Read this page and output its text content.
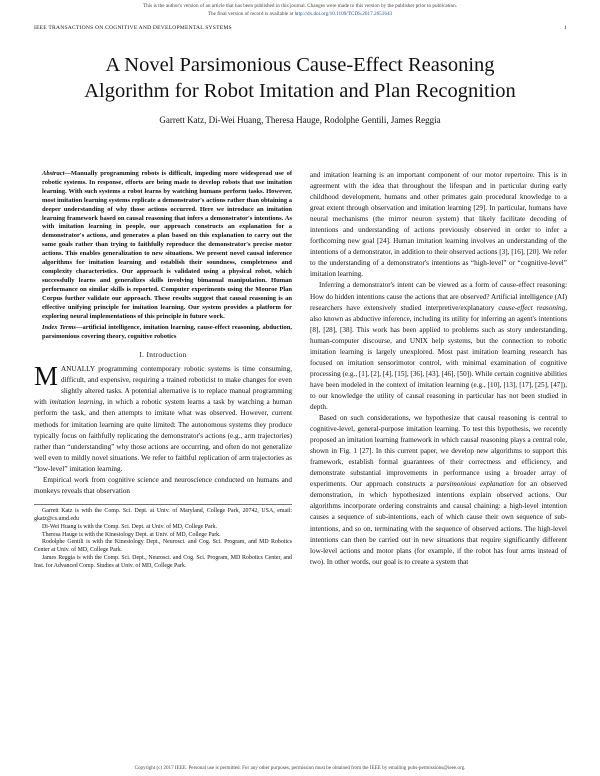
This is the author's version of an article that has been published in this journal. Changes were made to this version by the publisher prior to publication.
The final version of record is available at http://dx.doi.org/10.1109/TCDS.2017.2651643
IEEE TRANSACTIONS ON COGNITIVE AND DEVELOPMENTAL SYSTEMS	1
A Novel Parsimonious Cause-Effect Reasoning
Algorithm for Robot Imitation and Plan Recognition
Garrett Katz, Di-Wei Huang, Theresa Hauge, Rodolphe Gentili, James Reggia

Abstract—Manually programming robots is difficult, impeding more widespread use of robotic systems. In response, efforts are being made to develop robots that use imitation learning. With such systems a robot learns by watching humans perform tasks. However, most imitation learning systems replicate a demonstrator's actions rather than obtaining a deeper understanding of why those actions occurred. Here we introduce an imitation learning framework based on causal reasoning that infers a demonstrator's intentions. As with imitation learning in people, our approach constructs an explanation for a demonstrator's actions, and generates a plan based on this explanation to carry out the same goals rather than trying to faithfully reproduce the demonstrator's precise motor actions. This enables generalization to new situations. We present novel causal inference algorithms for imitation learning and establish their soundness, completeness and complexity characteristics. Our approach is validated using a physical robot, which successfully learns and generalizes skills involving bimanual manipulation. Human performance on similar skills is reported. Computer experiments using the Monroe Plan Corpus further validate our approach. These results suggest that causal reasoning is an effective unifying principle for imitation learning. Our system provides a platform for exploring neural implementations of this principle in future work.

Index Terms—artificial intelligence, imitation learning, cause-effect reasoning, abduction, parsimonious covering theory, cognitive robotics

I. Introduction

MANUALLY programming contemporary robotic systems is time consuming, difficult, and expensive, requiring a trained roboticist to make changes for even slightly altered tasks. A potential alternative is to replace manual programming with imitation learning, in which a robotic system learns a task by watching a human perform the task, and then attempts to imitate what was observed. However, current methods for imitation learning are quite limited: The autonomous systems they produce typically focus on faithfully replicating the demonstrator's actions (e.g., arm trajectories) rather than “understanding” why those actions are occurring, and often do not generalize well even to mildly novel situations. We refer to faithful replication of arm trajectories as “low-level” imitation learning.

Empirical work from cognitive science and neuroscience conducted on humans and monkeys reveals that observation

Garrett Katz is with the Comp. Sci. Dept. at Univ. of Maryland, College Park, 20742, USA, email: gkatz@cs.umd.edu

Di-Wei Huang is with the Comp. Sci. Dept. at Univ. of MD, College Park.

Theresa Hauge is with the Kinesiology Dept. at Univ. of MD, College Park.

Rodolphe Gentili is with the Kinesiology Dept., Neurosci. and Cog. Sci. Program, and MD Robotics Center at Univ. of MD, College Park.

James Reggia is with the Comp. Sci. Dept., Neurosci. and Cog. Sci. Program, MD Robotics Center, and Inst. for Advanced Comp. Studies at Univ. of MD, College Park.

and imitation learning is an important component of our motor repertoire. This is in agreement with the idea that throughout the lifespan and in particular during early childhood development, humans and other primates gain procedural knowledge to a great extent through observation and imitation learning [29]. In particular, humans have neural mechanisms (the mirror neuron system) that likely facilitate decoding of intentions and understanding of actions previously observed in order to infer a forthcoming new goal [24]. Human imitation learning involves an understanding of the intentions of a demonstrator, in addition to their observed actions [3], [16], [20]. We refer to the understanding of a demonstrator's intentions as “high-level” or “cognitive-level” imitation learning.

Inferring a demonstrator's intent can be viewed as a form of cause-effect reasoning: How do hidden intentions cause the actions that are observed? Artificial intelligence (AI) researchers have extensively studied interpretive/explanatory cause-effect reasoning, also known as abductive inference, including its utility for inferring an agent's intentions [8], [28], [38]. This work has been applied to problems such as story understanding, human-computer discourse, and UNIX help systems, but the connection to robotic imitation learning is largely unexplored. Most past imitation learning research has focused on imitation sensorimotor control, with minimal examination of cognitive processing (e.g., [1], [2], [4], [15], [36], [43], [46], [50]). While certain cognitive abilities have been modeled in the context of imitation learning (e.g., [10], [13], [17], [25], [47]), to our knowledge the utility of causal reasoning in particular has not been studied in depth.

Based on such considerations, we hypothesize that causal reasoning is central to cognitive-level, general-purpose imitation learning. To test this hypothesis, we recently proposed an imitation learning framework in which causal reasoning plays a central role, shown in Fig. 1 [27]. In this current paper, we develop new algorithms to support this framework, establish formal guarantees of their correctness and efficiency, and demonstrate substantial improvements in performance using a broader array of experiments. Our approach constructs a parsimonious explanation for an observed demonstration, in which hypothesized intentions explain observed actions. Our algorithms incorporate ordering constraints and causal chaining: a high-level intention causes a sequence of sub-intentions, each of which cause their own sequence of sub-intentions, and so on, terminating with the sequence of observed actions. The high-level intentions can then be carried out in new situations that require significantly different low-level actions and motor plans (for example, if the robot has four arms instead of two). In other words, our goal is to create a system that

Copyright (c) 2017 IEEE. Personal use is permitted. For any other purposes, permission must be obtained from the IEEE by emailing pubs-permissions@ieee.org.
